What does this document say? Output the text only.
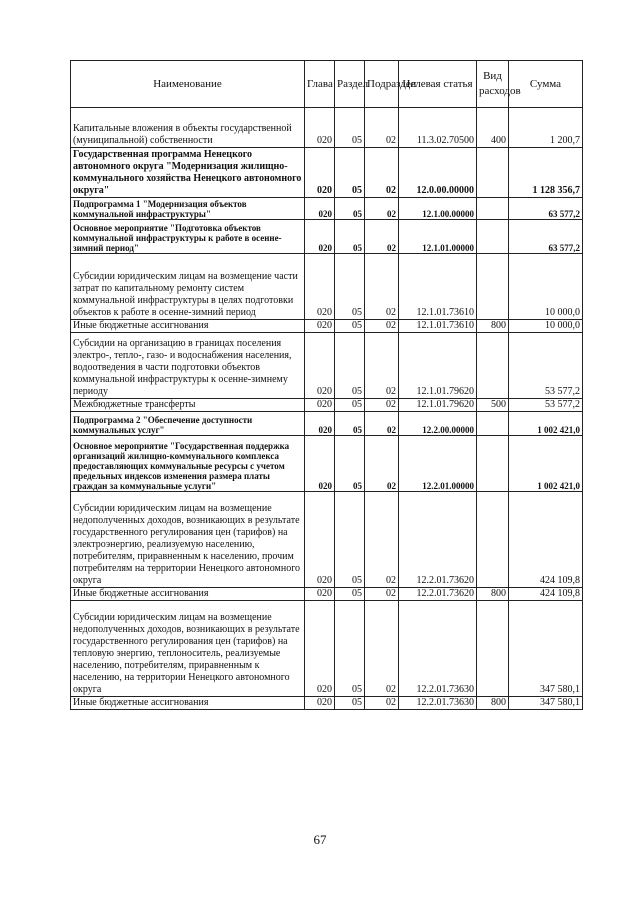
Наименование	Глава	Раздел	Подраздел	Целевая статья	Вид расходов	Сумма
Капитальные вложения в объекты государственной (муниципальной) собственности	020	05	02	11.3.02.70500	400	1 200,7
Государственная программа Ненецкого автономного округа "Модернизация жилищно-коммунального хозяйства Ненецкого автономного округа"	020	05	02	12.0.00.00000		1 128 356,7
Подпрограмма 1 "Модернизация объектов коммунальной инфраструктуры"	020	05	02	12.1.00.00000		63 577,2
Основное мероприятие "Подготовка объектов коммунальной инфраструктуры к работе в осенне-зимний период"	020	05	02	12.1.01.00000		63 577,2
Субсидии юридическим лицам на возмещение части затрат по капитальному ремонту систем коммунальной инфраструктуры в целях подготовки объектов к работе в осенне-зимний период	020	05	02	12.1.01.73610		10 000,0
Иные бюджетные ассигнования	020	05	02	12.1.01.73610	800	10 000,0
Субсидии на организацию в границах поселения электро-, тепло-, газо- и водоснабжения населения, водоотведения в части подготовки объектов коммунальной инфраструктуры к осенне-зимнему периоду	020	05	02	12.1.01.79620		53 577,2
Межбюджетные трансферты	020	05	02	12.1.01.79620	500	53 577,2
Подпрограмма 2 "Обеспечение доступности коммунальных услуг"	020	05	02	12.2.00.00000		1 002 421,0
Основное мероприятие "Государственная поддержка организаций жилищно-коммунального комплекса предоставляющих коммунальные ресурсы с учетом предельных индексов изменения размера платы граждан за коммунальные услуги"	020	05	02	12.2.01.00000		1 002 421,0
Субсидии юридическим лицам на возмещение недополученных доходов, возникающих в результате государственного регулирования цен (тарифов) на электроэнергию, реализуемую населению, потребителям, приравненным к населению, прочим потребителям на территории Ненецкого автономного округа	020	05	02	12.2.01.73620		424 109,8
Иные бюджетные ассигнования	020	05	02	12.2.01.73620	800	424 109,8
Субсидии юридическим лицам на возмещение недополученных доходов, возникающих в результате государственного регулирования цен (тарифов) на тепловую энергию, теплоноситель, реализуемые населению, потребителям, приравненным к населению, на территории Ненецкого автономного округа	020	05	02	12.2.01.73630		347 580,1
Иные бюджетные ассигнования	020	05	02	12.2.01.73630	800	347 580,1
67
